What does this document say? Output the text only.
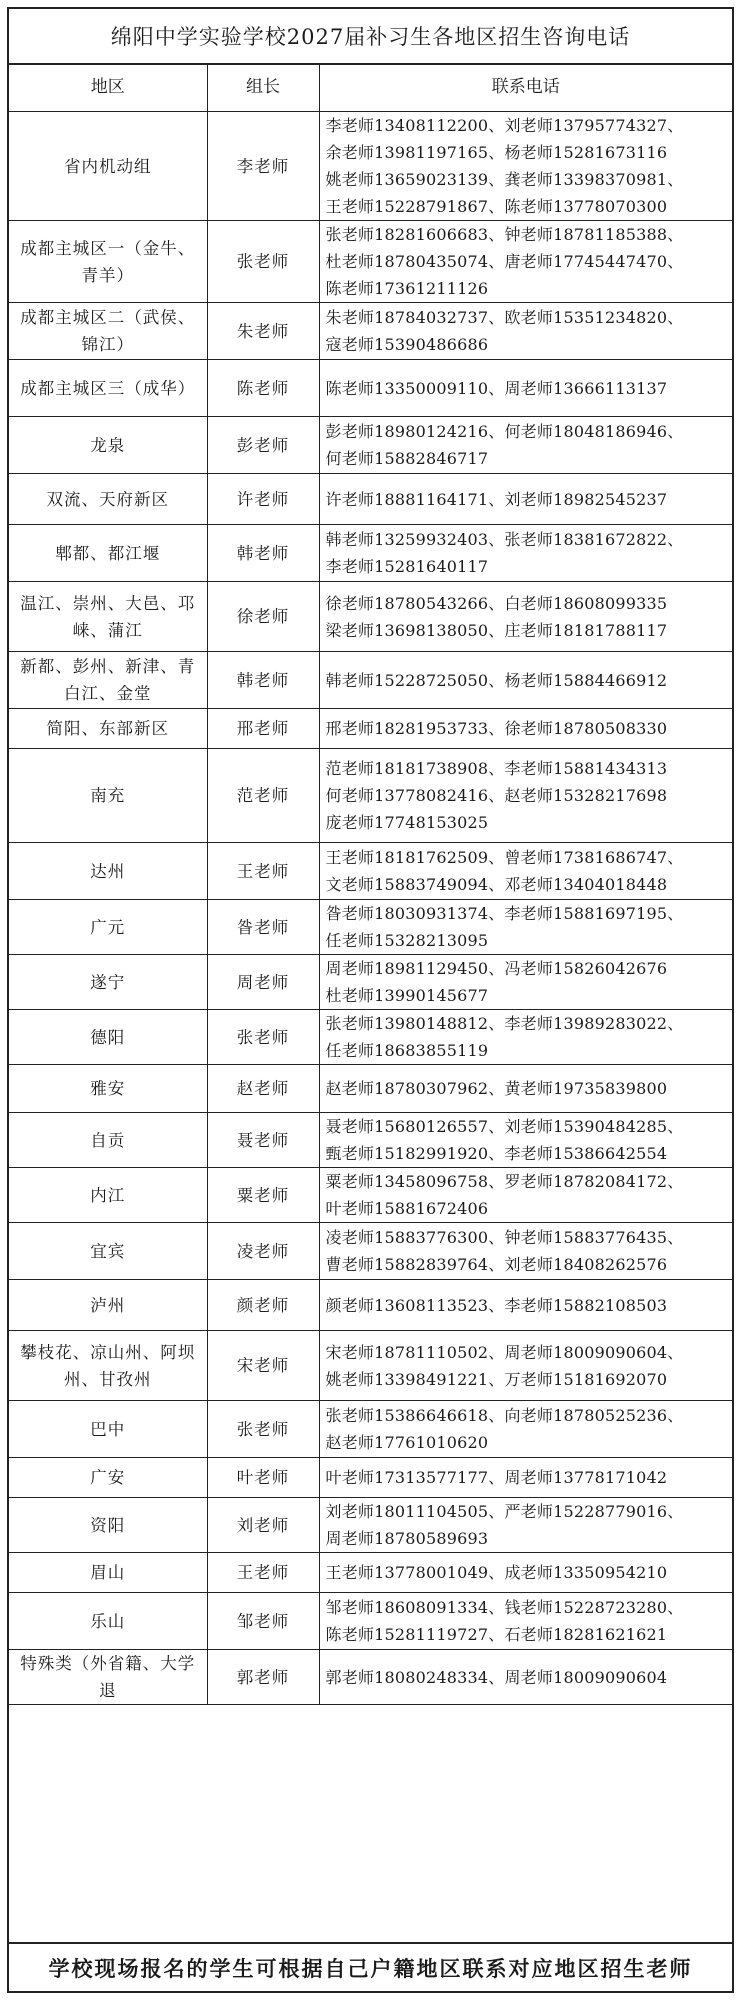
绵阳中学实验学校2027届补习生各地区招生咨询电话
地区	组长	联系电话
省内机动组	李老师	李老师13408112200、刘老师13795774327、
余老师13981197165、杨老师15281673116
姚老师13659023139、龚老师13398370981、
王老师15228791867、陈老师13778070300

成都主城区一（金牛、青羊）	张老师	张老师18281606683、钟老师18781185388、
杜老师18780435074、唐老师17745447470、
陈老师17361211126

成都主城区二（武侯、锦江）	朱老师	朱老师18784032737、欧老师15351234820、
寇老师15390486686

成都主城区三（成华）	陈老师	陈老师13350009110、周老师13666113137

龙泉	彭老师	彭老师18980124216、何老师18048186946、
何老师15882846717

双流、天府新区	许老师	许老师18881164171、刘老师18982545237

郫都、都江堰	韩老师	韩老师13259932403、张老师18381672822、
李老师15281640117

温江、崇州、大邑、邛崃、蒲江	徐老师	徐老师18780543266、白老师18608099335
梁老师13698138050、庄老师18181788117

新都、彭州、新津、青白江、金堂	韩老师	韩老师15228725050、杨老师15884466912

简阳、东部新区	邢老师	邢老师18281953733、徐老师18780508330

南充	范老师	范老师18181738908、李老师15881434313
何老师13778082416、赵老师15328217698
庞老师17748153025

达州	王老师	王老师18181762509、曾老师17381686747、
文老师15883749094、邓老师13404018448

广元	昝老师	昝老师18030931374、李老师15881697195、
任老师15328213095

遂宁	周老师	周老师18981129450、冯老师15826042676
杜老师13990145677

德阳	张老师	张老师13980148812、李老师13989283022、
任老师18683855119

雅安	赵老师	赵老师18780307962、黄老师19735839800

自贡	聂老师	聂老师15680126557、刘老师15390484285、
甄老师15182991920、李老师15386642554

内江	粟老师	粟老师13458096758、罗老师18782084172、
叶老师15881672406

宜宾	凌老师	凌老师15883776300、钟老师15883776435、
曹老师15882839764、刘老师18408262576

泸州	颜老师	颜老师13608113523、李老师15882108503

攀枝花、凉山州、阿坝州、甘孜州	宋老师	宋老师18781110502、周老师18009090604、
姚老师13398491221、万老师15181692070

巴中	张老师	张老师15386646618、向老师18780525236、
赵老师17761010620

广安	叶老师	叶老师17313577177、周老师13778171042

资阳	刘老师	刘老师18011104505、严老师15228779016、
周老师18780589693

眉山	王老师	王老师13778001049、成老师13350954210

乐山	邹老师	邹老师18608091334、钱老师15228723280、
陈老师15281119727、石老师18281621621

特殊类（外省籍、大学退	郭老师	郭老师18080248334、周老师18009090604
学校现场报名的学生可根据自己户籍地区联系对应地区招生老师
